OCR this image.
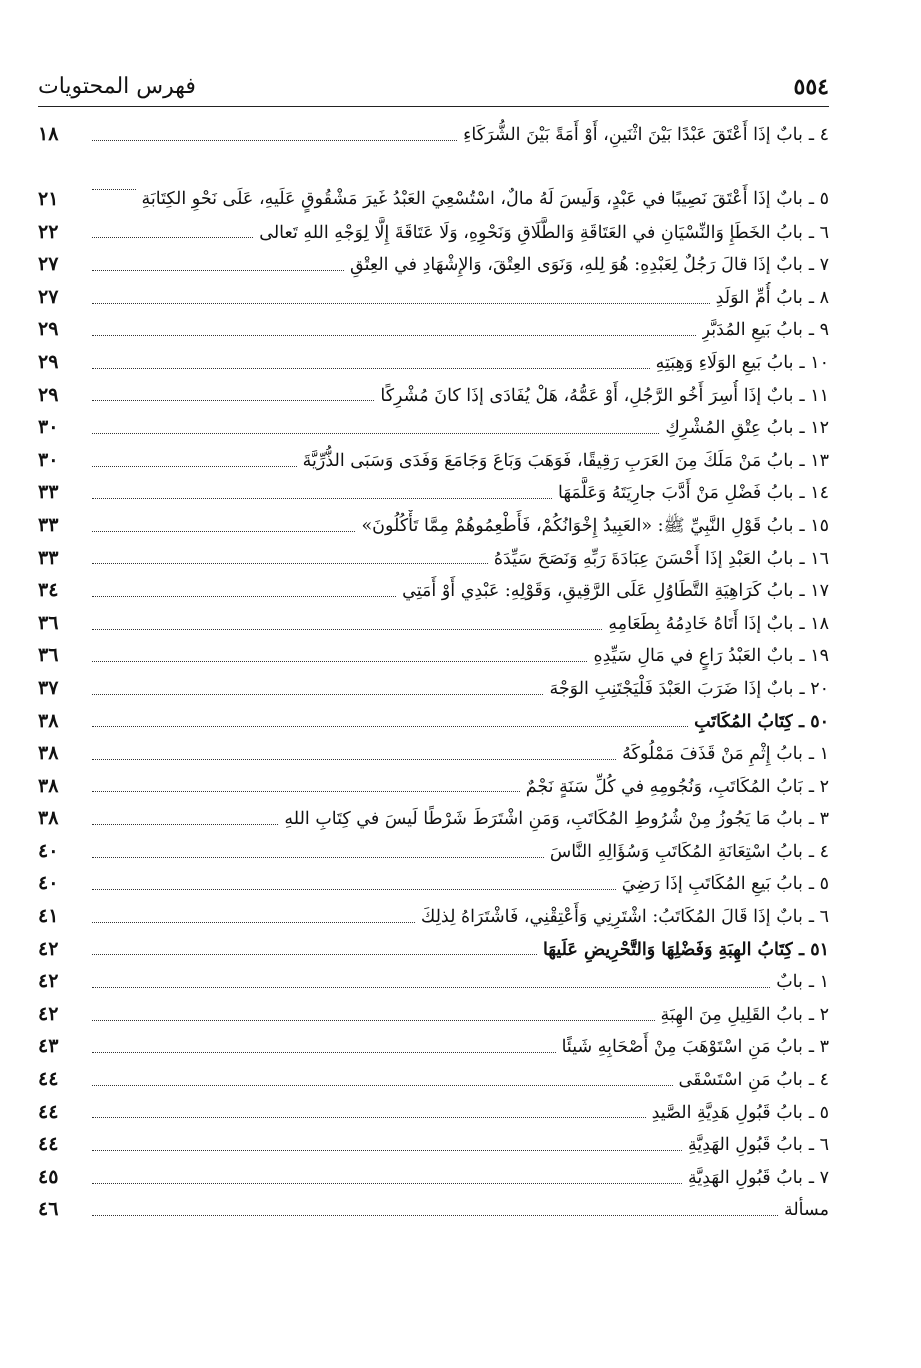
٥٥٤
فهرس المحتويات
٤ ـ
بابٌ إذَا أَعْتَقَ عَبْدًا بَيْنَ اثْنَينِ، أَوْ أَمَةً بَيْنَ الشُّرَكَاءِ
١٨
٥ ـ
بابٌ إذَا أَعْتَقَ نَصِيبًا في عَبْدٍ، وَلَيسَ لَهُ مالٌ، اسْتُسْعِيَ العَبْدُ غَيرَ مَشْقُوقٍ عَلَيهِ، عَلَى نَحْوِ الكِتَابَةِ
٢١
٦ ـ
بابُ الخَطَإِ وَالنِّسْيَانِ في العَتَاقَةِ وَالطَّلَاقِ وَنَحْوِهِ، وَلَا عَتَاقَةَ إِلَّا لِوَجْهِ اللهِ تَعالى
٢٢
٧ ـ
بابٌ إذَا قالَ رَجُلٌ لِعَبْدِهِ: هُوَ لِلهِ، وَنَوَى العِتْقَ، وَالإِشْهَادِ في العِتْقِ
٢٧
٨ ـ
بابُ أُمِّ الوَلَدِ
٢٧
٩ ـ
بابُ بَيعِ المُدَبَّرِ
٢٩
١٠ ـ
بابُ بَيعِ الوَلَاءِ وَهِبَتِهِ
٢٩
١١ ـ
بابٌ إذَا أُسِرَ أَخُو الرَّجُلِ، أَوْ عَمُّهُ، هَلْ يُفَادَى إذَا كانَ مُشْرِكًا
٢٩
١٢ ـ
بابُ عِتْقِ المُشْرِكِ
٣٠
١٣ ـ
بابُ مَنْ مَلَكَ مِنَ العَرَبِ رَقِيقًا، فَوَهَبَ وَبَاعَ وَجَامَعَ وَفَدَى وَسَبَى الذُّرِّيَّةَ
٣٠
١٤ ـ
بابُ فَضْلِ مَنْ أَدَّبَ جارِيَتَهُ وَعَلَّمَهَا
٣٣
١٥ ـ
بابُ قَوْلِ النَّبِيِّ ﷺ: «العَبِيدُ إِخْوَانُكُمْ، فَأَطْعِمُوهُمْ مِمَّا تَأْكُلُونَ»
٣٣
١٦ ـ
بابُ العَبْدِ إذَا أَحْسَنَ عِبَادَةَ رَبِّهِ وَنَصَحَ سَيِّدَهُ
٣٣
١٧ ـ
بابُ كَرَاهِيَةِ التَّطَاوُلِ عَلَى الرَّقِيقِ، وَقَوْلِهِ: عَبْدِي أَوْ أَمَتِي
٣٤
١٨ ـ
بابٌ إذَا أَتَاهُ خَادِمُهُ بِطَعَامِهِ
٣٦
١٩ ـ
بابٌ العَبْدُ رَاعٍ في مَالِ سَيِّدِهِ
٣٦
٢٠ ـ
بابٌ إذَا ضَرَبَ العَبْدَ فَلْيَجْتَنِبِ الوَجْهَ
٣٧
٥٠ ـ
كِتَابُ المُكَاتَبِ
٣٨
١ ـ
بابُ إِثْمِ مَنْ قَذَفَ مَمْلُوكَهُ
٣٨
٢ ـ
بَابُ المُكَاتَبِ، وَنُجُومِهِ في كُلِّ سَنَةٍ نَجْمٌ
٣٨
٣ ـ
بابُ مَا يَجُوزُ مِنْ شُرُوطِ المُكَاتَبِ، وَمَنِ اشْتَرَطَ شَرْطًا لَيسَ في كِتَابِ اللهِ
٣٨
٤ ـ
بابُ اسْتِعَانَةِ المُكَاتَبِ وَسُؤَالِهِ النَّاسَ
٤٠
٥ ـ
بابُ بَيعِ المُكَاتَبِ إذَا رَضِيَ
٤٠
٦ ـ
بابٌ إذَا قَالَ المُكَاتَبُ: اشْتَرِنِي وَأَعْتِقْنِي، فَاشْتَرَاهُ لِذلِكَ
٤١
٥١ ـ
كِتَابُ الهِبَةِ وَفَضْلِهَا وَالتَّحْرِيضِ عَلَيهَا
٤٢
١ ـ
بابٌ
٤٢
٢ ـ
بابُ القَلِيلِ مِنَ الهِبَةِ
٤٢
٣ ـ
بابُ مَنِ اسْتَوْهَبَ مِنْ أَصْحَابِهِ شَيئًا
٤٣
٤ ـ
بابُ مَنِ اسْتَسْقَى
٤٤
٥ ـ
بابُ قَبُولِ هَدِيَّةِ الصَّيدِ
٤٤
٦ ـ
بابُ قَبُولِ الهَدِيَّةِ
٤٤
٧ ـ
بابُ قَبُولِ الهَدِيَّةِ
٤٥
مسألة
٤٦
